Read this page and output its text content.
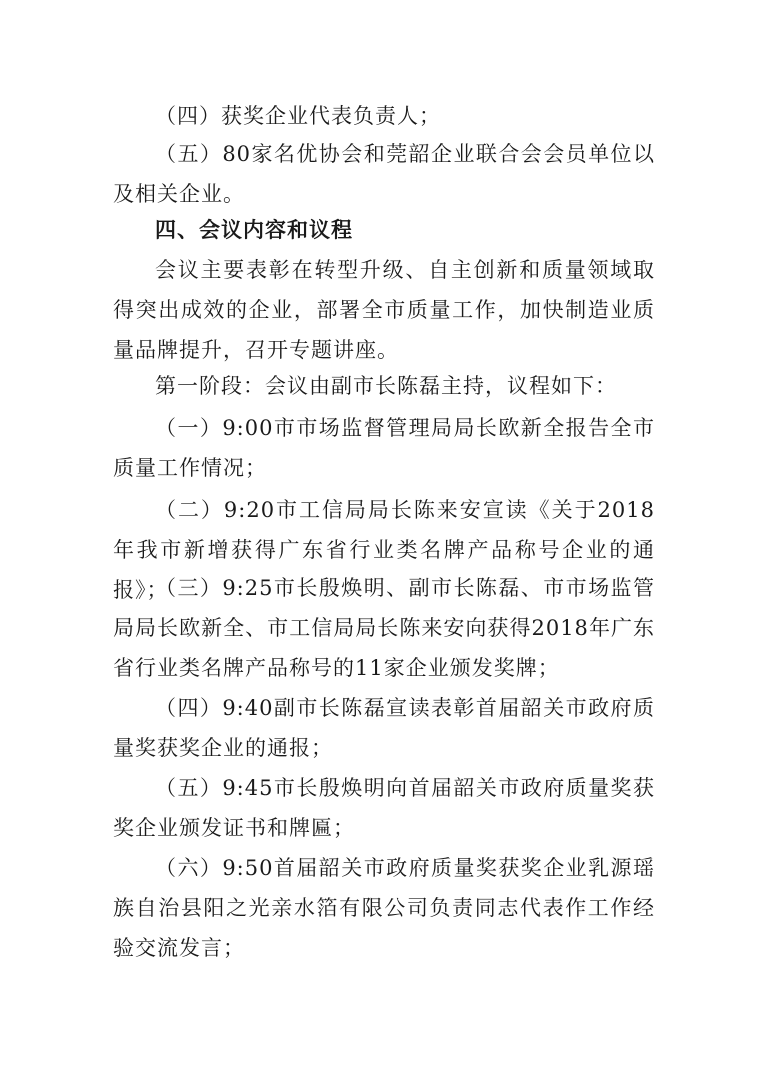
（四）获奖企业代表负责人；

（五）80家名优协会和莞韶企业联合会会员单位以及相关企业。

四、会议内容和议程

会议主要表彰在转型升级、自主创新和质量领域取得突出成效的企业，部署全市质量工作，加快制造业质量品牌提升，召开专题讲座。

第一阶段：会议由副市长陈磊主持，议程如下：

（一）9:00市市场监督管理局局长欧新全报告全市质量工作情况；

（二）9:20市工信局局长陈来安宣读《关于2018年我市新增获得广东省行业类名牌产品称号企业的通报》；

（三）9:25市长殷焕明、副市长陈磊、市市场监管局局长欧新全、市工信局局长陈来安向获得2018年广东省行业类名牌产品称号的11家企业颁发奖牌；

（四）9:40副市长陈磊宣读表彰首届韶关市政府质量奖获奖企业的通报；

（五）9:45市长殷焕明向首届韶关市政府质量奖获奖企业颁发证书和牌匾；

（六）9:50首届韶关市政府质量奖获奖企业乳源瑶族自治县阳之光亲水箔有限公司负责同志代表作工作经验交流发言；
